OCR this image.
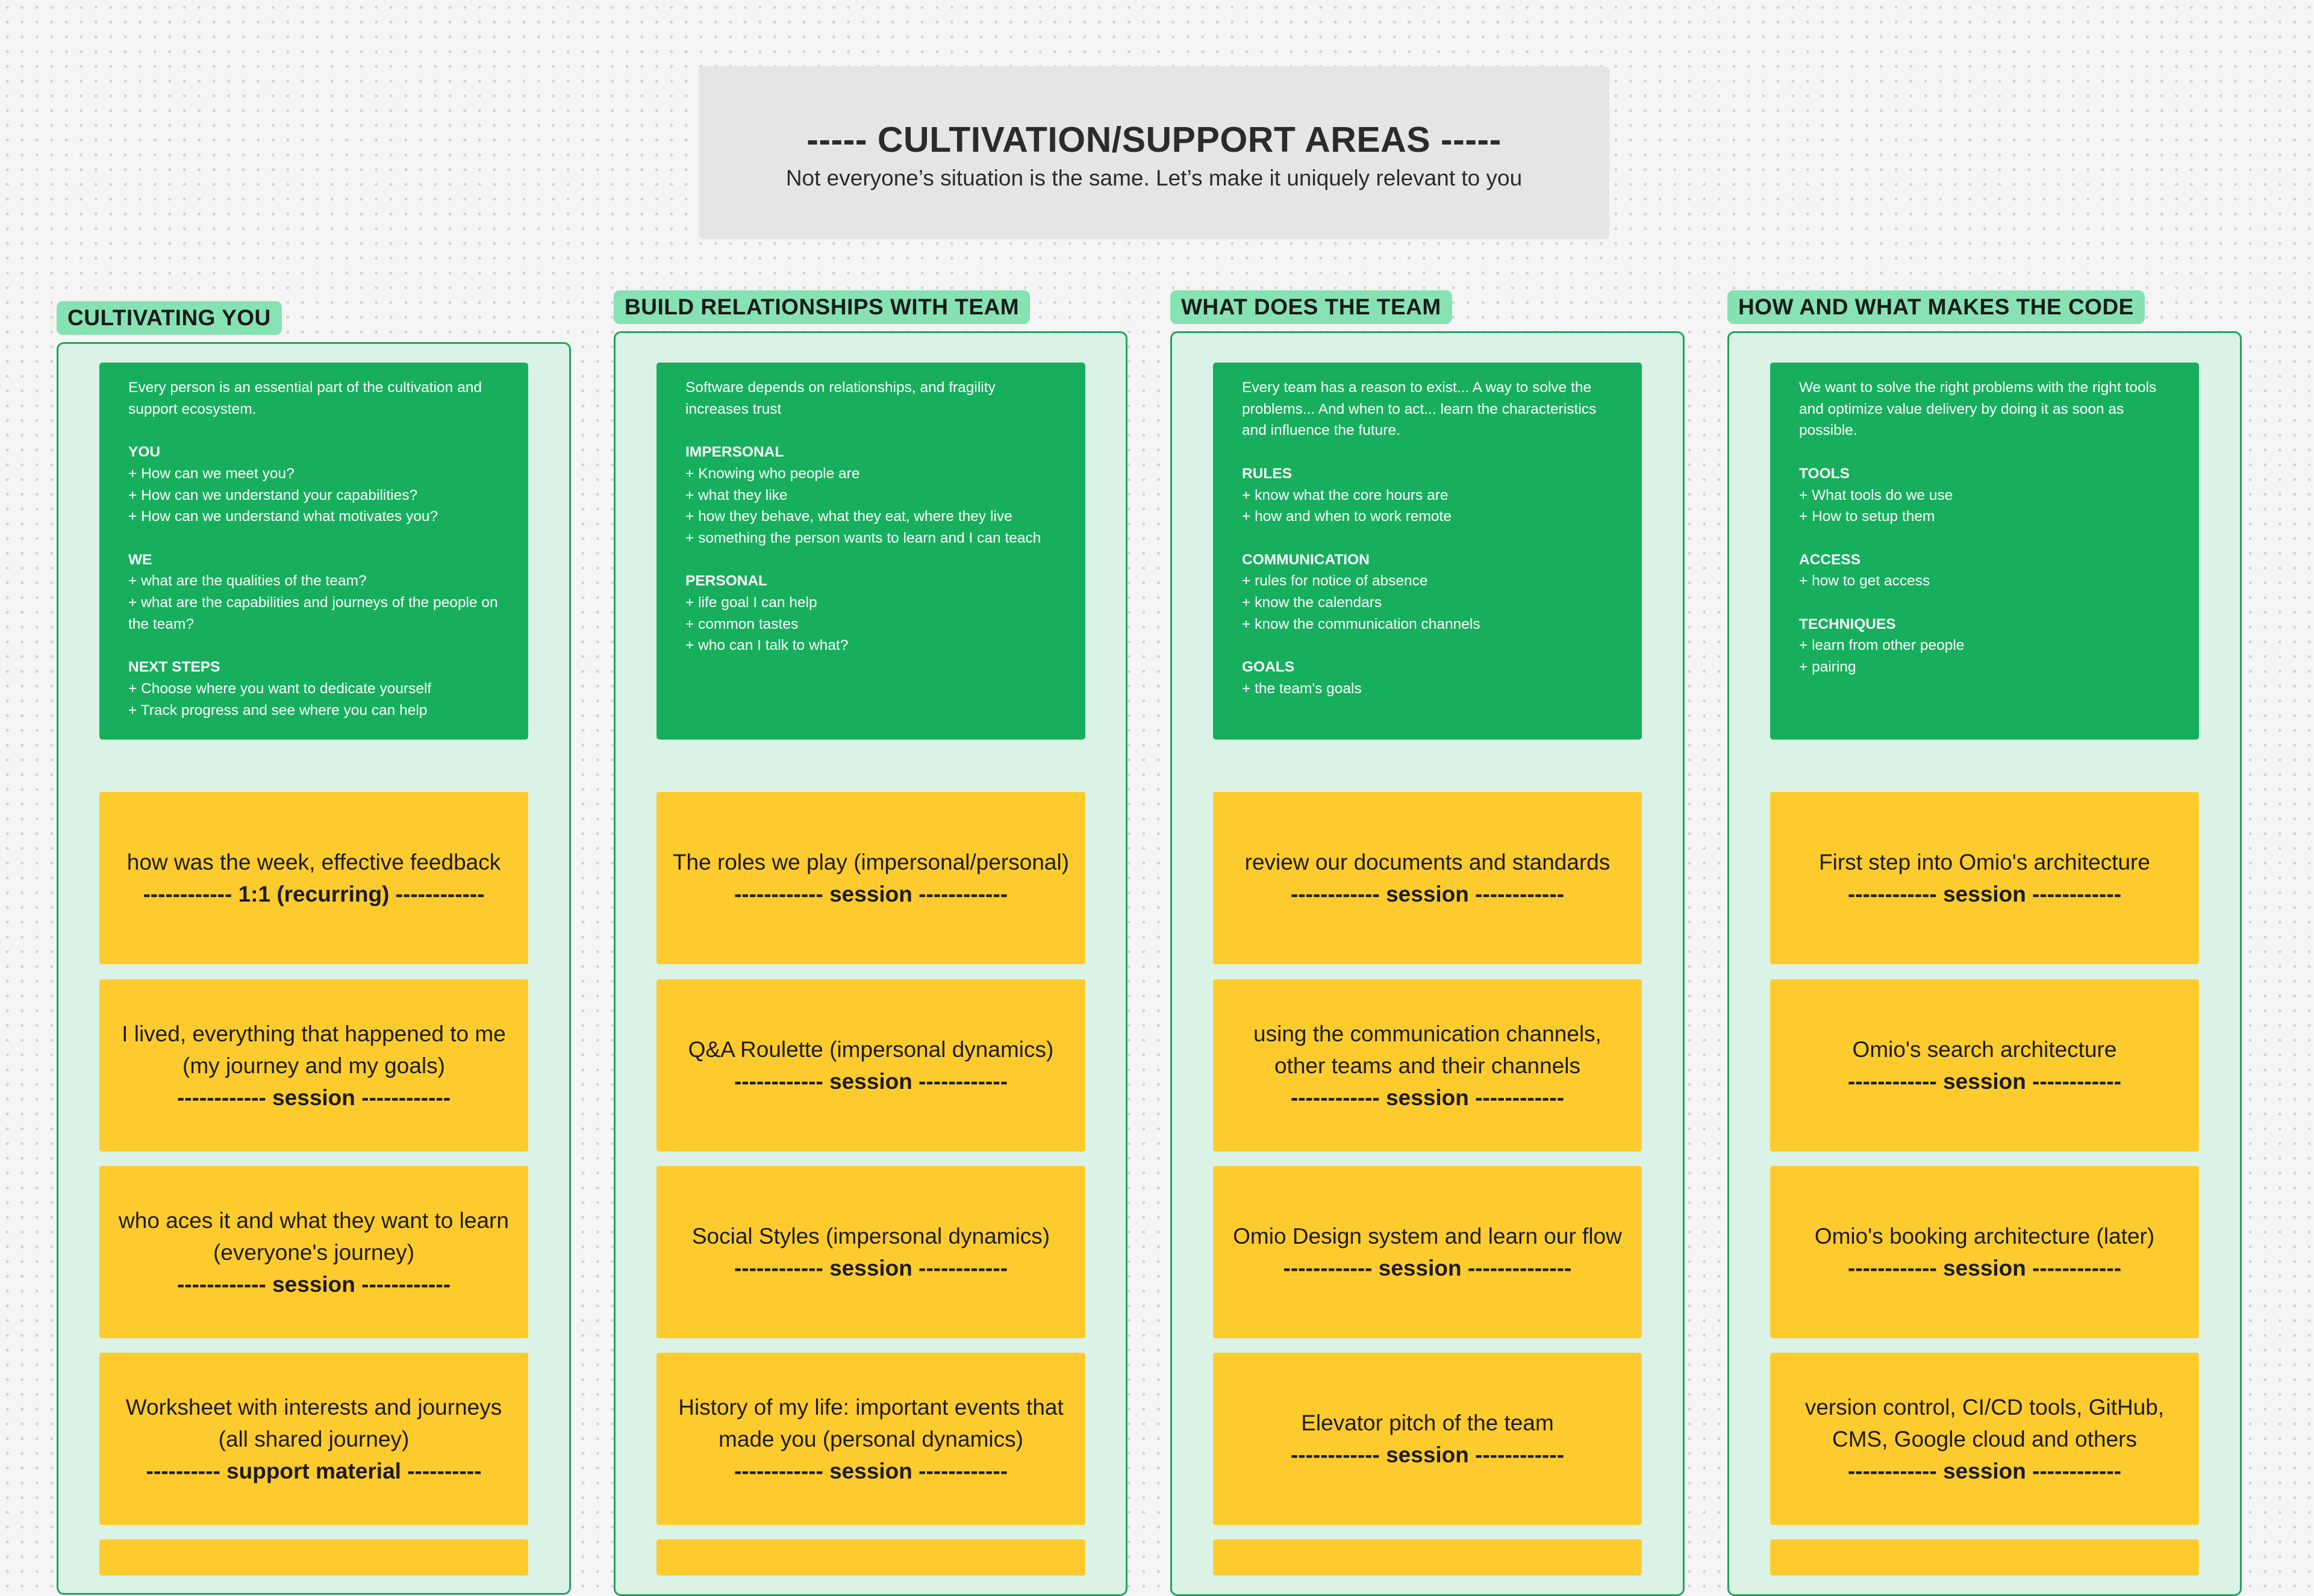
----- CULTIVATION/SUPPORT AREAS -----
Not everyone’s situation is the same. Let’s make it uniquely relevant to you
CULTIVATING YOU
Every person is an essential part of the cultivation and support ecosystem.
YOU
+ How can we meet you?
+ How can we understand your capabilities?
+ How can we understand what motivates you?
WE
+ what are the qualities of the team?
+ what are the capabilities and journeys of the people on the team?
NEXT STEPS
+ Choose where you want to dedicate yourself
+ Track progress and see where you can help
how was the week, effective feedback
------------ 1:1 (recurring) ------------
I lived, everything that happened to me (my journey and my goals)
------------ session ------------
who aces it and what they want to learn (everyone's journey)
------------ session ------------
Worksheet with interests and journeys (all shared journey)
---------- support material ----------
BUILD RELATIONSHIPS WITH TEAM
Software depends on relationships, and fragility increases trust
IMPERSONAL
+ Knowing who people are
+ what they like
+ how they behave, what they eat, where they live
+ something the person wants to learn and I can teach
PERSONAL
+ life goal I can help
+ common tastes
+ who can I talk to what?
The roles we play (impersonal/personal)
------------ session ------------
Q&A Roulette (impersonal dynamics)
------------ session ------------
Social Styles (impersonal dynamics)
------------ session ------------
History of my life: important events that made you (personal dynamics)
------------ session ------------
WHAT DOES THE TEAM
Every team has a reason to exist... A way to solve the problems... And when to act... learn the characteristics and influence the future.
RULES
+ know what the core hours are
+ how and when to work remote
COMMUNICATION
+ rules for notice of absence
+ know the calendars
+ know the communication channels
GOALS
+ the team's goals
review our documents and standards
------------ session ------------
using the communication channels, other teams and their channels
------------ session ------------
Omio Design system and learn our flow
------------ session --------------
Elevator pitch of the team
------------ session ------------
HOW AND WHAT MAKES THE CODE
We want to solve the right problems with the right tools and optimize value delivery by doing it as soon as possible.
TOOLS
+ What tools do we use
+ How to setup them
ACCESS
+ how to get access
TECHNIQUES
+ learn from other people
+ pairing
First step into Omio's architecture
------------ session ------------
Omio's search architecture
------------ session ------------
Omio's booking architecture (later)
------------ session ------------
version control, CI/CD tools, GitHub, CMS, Google cloud and others
------------ session ------------
